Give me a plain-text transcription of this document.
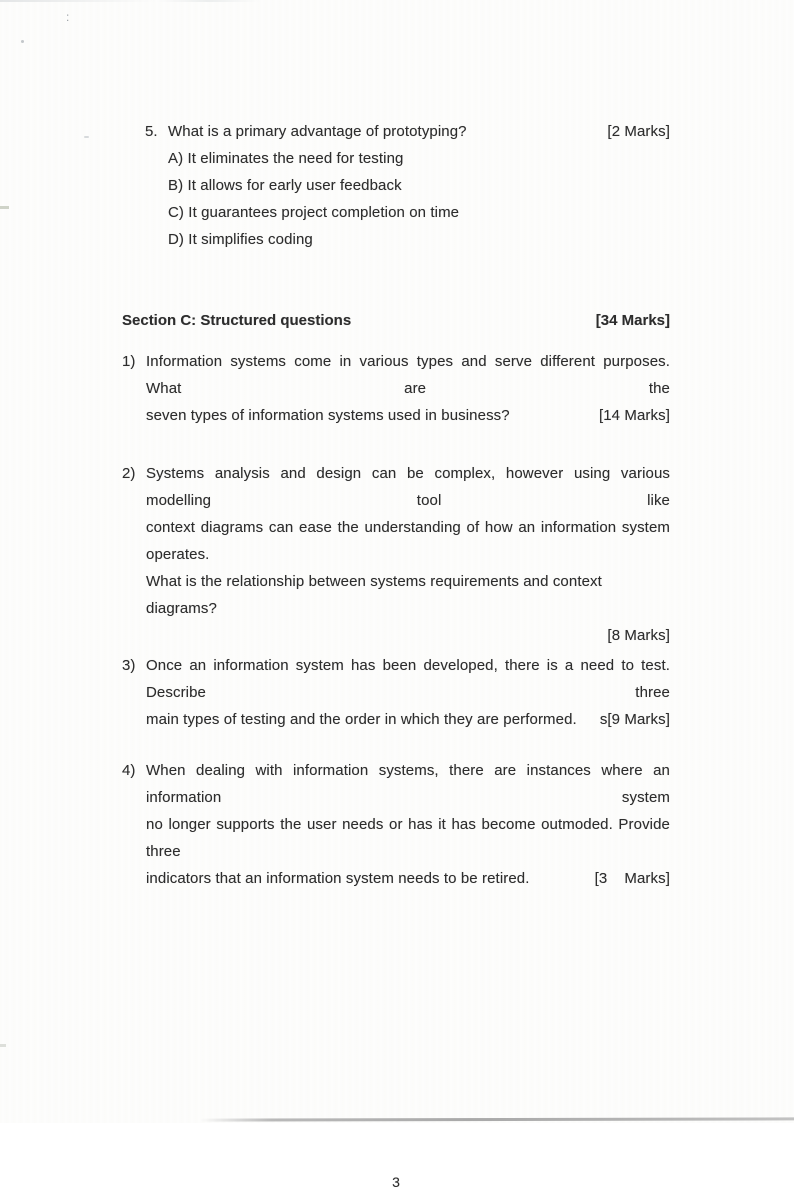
:
5. What is a primary advantage of prototyping?	[2 Marks]
A) It eliminates the need for testing
B) It allows for early user feedback
C) It guarantees project completion on time
D) It simplifies coding
Section C: Structured questions	[34 Marks]
1) Information systems come in various types and serve different purposes. What are the
seven types of information systems used in business?	[14 Marks]
2) Systems analysis and design can be complex, however using various modelling tool like
context diagrams can ease the understanding of how an information system operates.
What is the relationship between systems requirements and context diagrams?
[8 Marks]
3) Once an information system has been developed, there is a need to test. Describe three
main types of testing and the order in which they are performed. s[9 Marks]
4) When dealing with information systems, there are instances where an information system
no longer supports the user needs or has it has become outmoded. Provide three
indicators that an information system needs to be retired.	[3    Marks]
3
